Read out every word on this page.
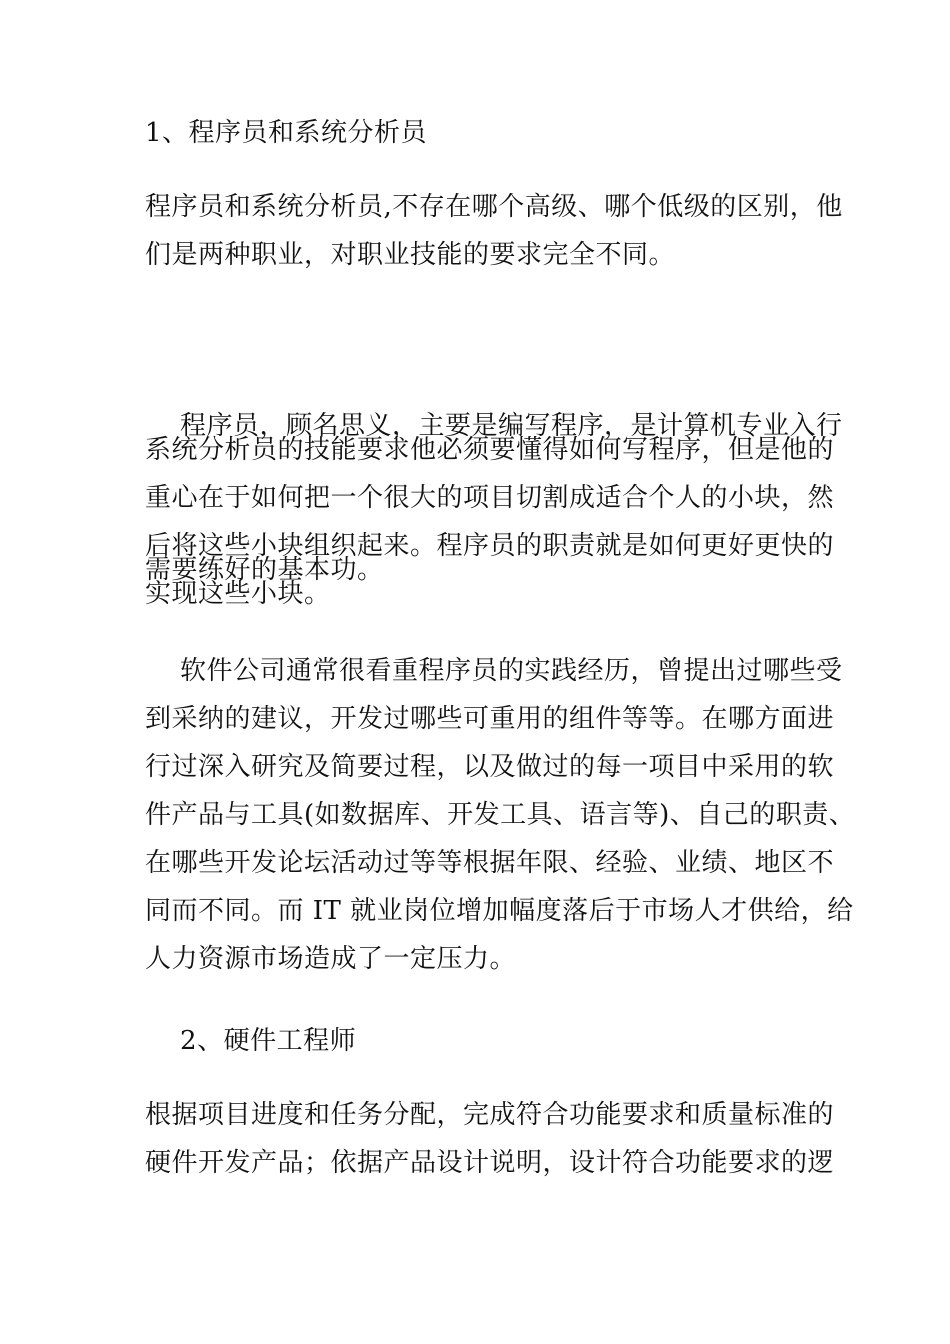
1、程序员和系统分析员
程序员和系统分析员,不存在哪个高级、哪个低级的区别，他
们是两种职业，对职业技能的要求完全不同。

程序员，顾名思义，主要是编写程序，是计算机专业入行

需要练好的基本功。

系统分析员的技能要求他必须要懂得如何写程序，但是他的
重心在于如何把一个很大的项目切割成适合个人的小块，然
后将这些小块组织起来。程序员的职责就是如何更好更快的
实现这些小块。
软件公司通常很看重程序员的实践经历，曾提出过哪些受
到采纳的建议，开发过哪些可重用的组件等等。在哪方面进
行过深入研究及简要过程，以及做过的每一项目中采用的软
件产品与工具(如数据库、开发工具、语言等)、自己的职责、
在哪些开发论坛活动过等等根据年限、经验、业绩、地区不
同而不同。而 IT 就业岗位增加幅度落后于市场人才供给，给
人力资源市场造成了一定压力。
2、硬件工程师
根据项目进度和任务分配，完成符合功能要求和质量标准的
硬件开发产品；依据产品设计说明，设计符合功能要求的逻
